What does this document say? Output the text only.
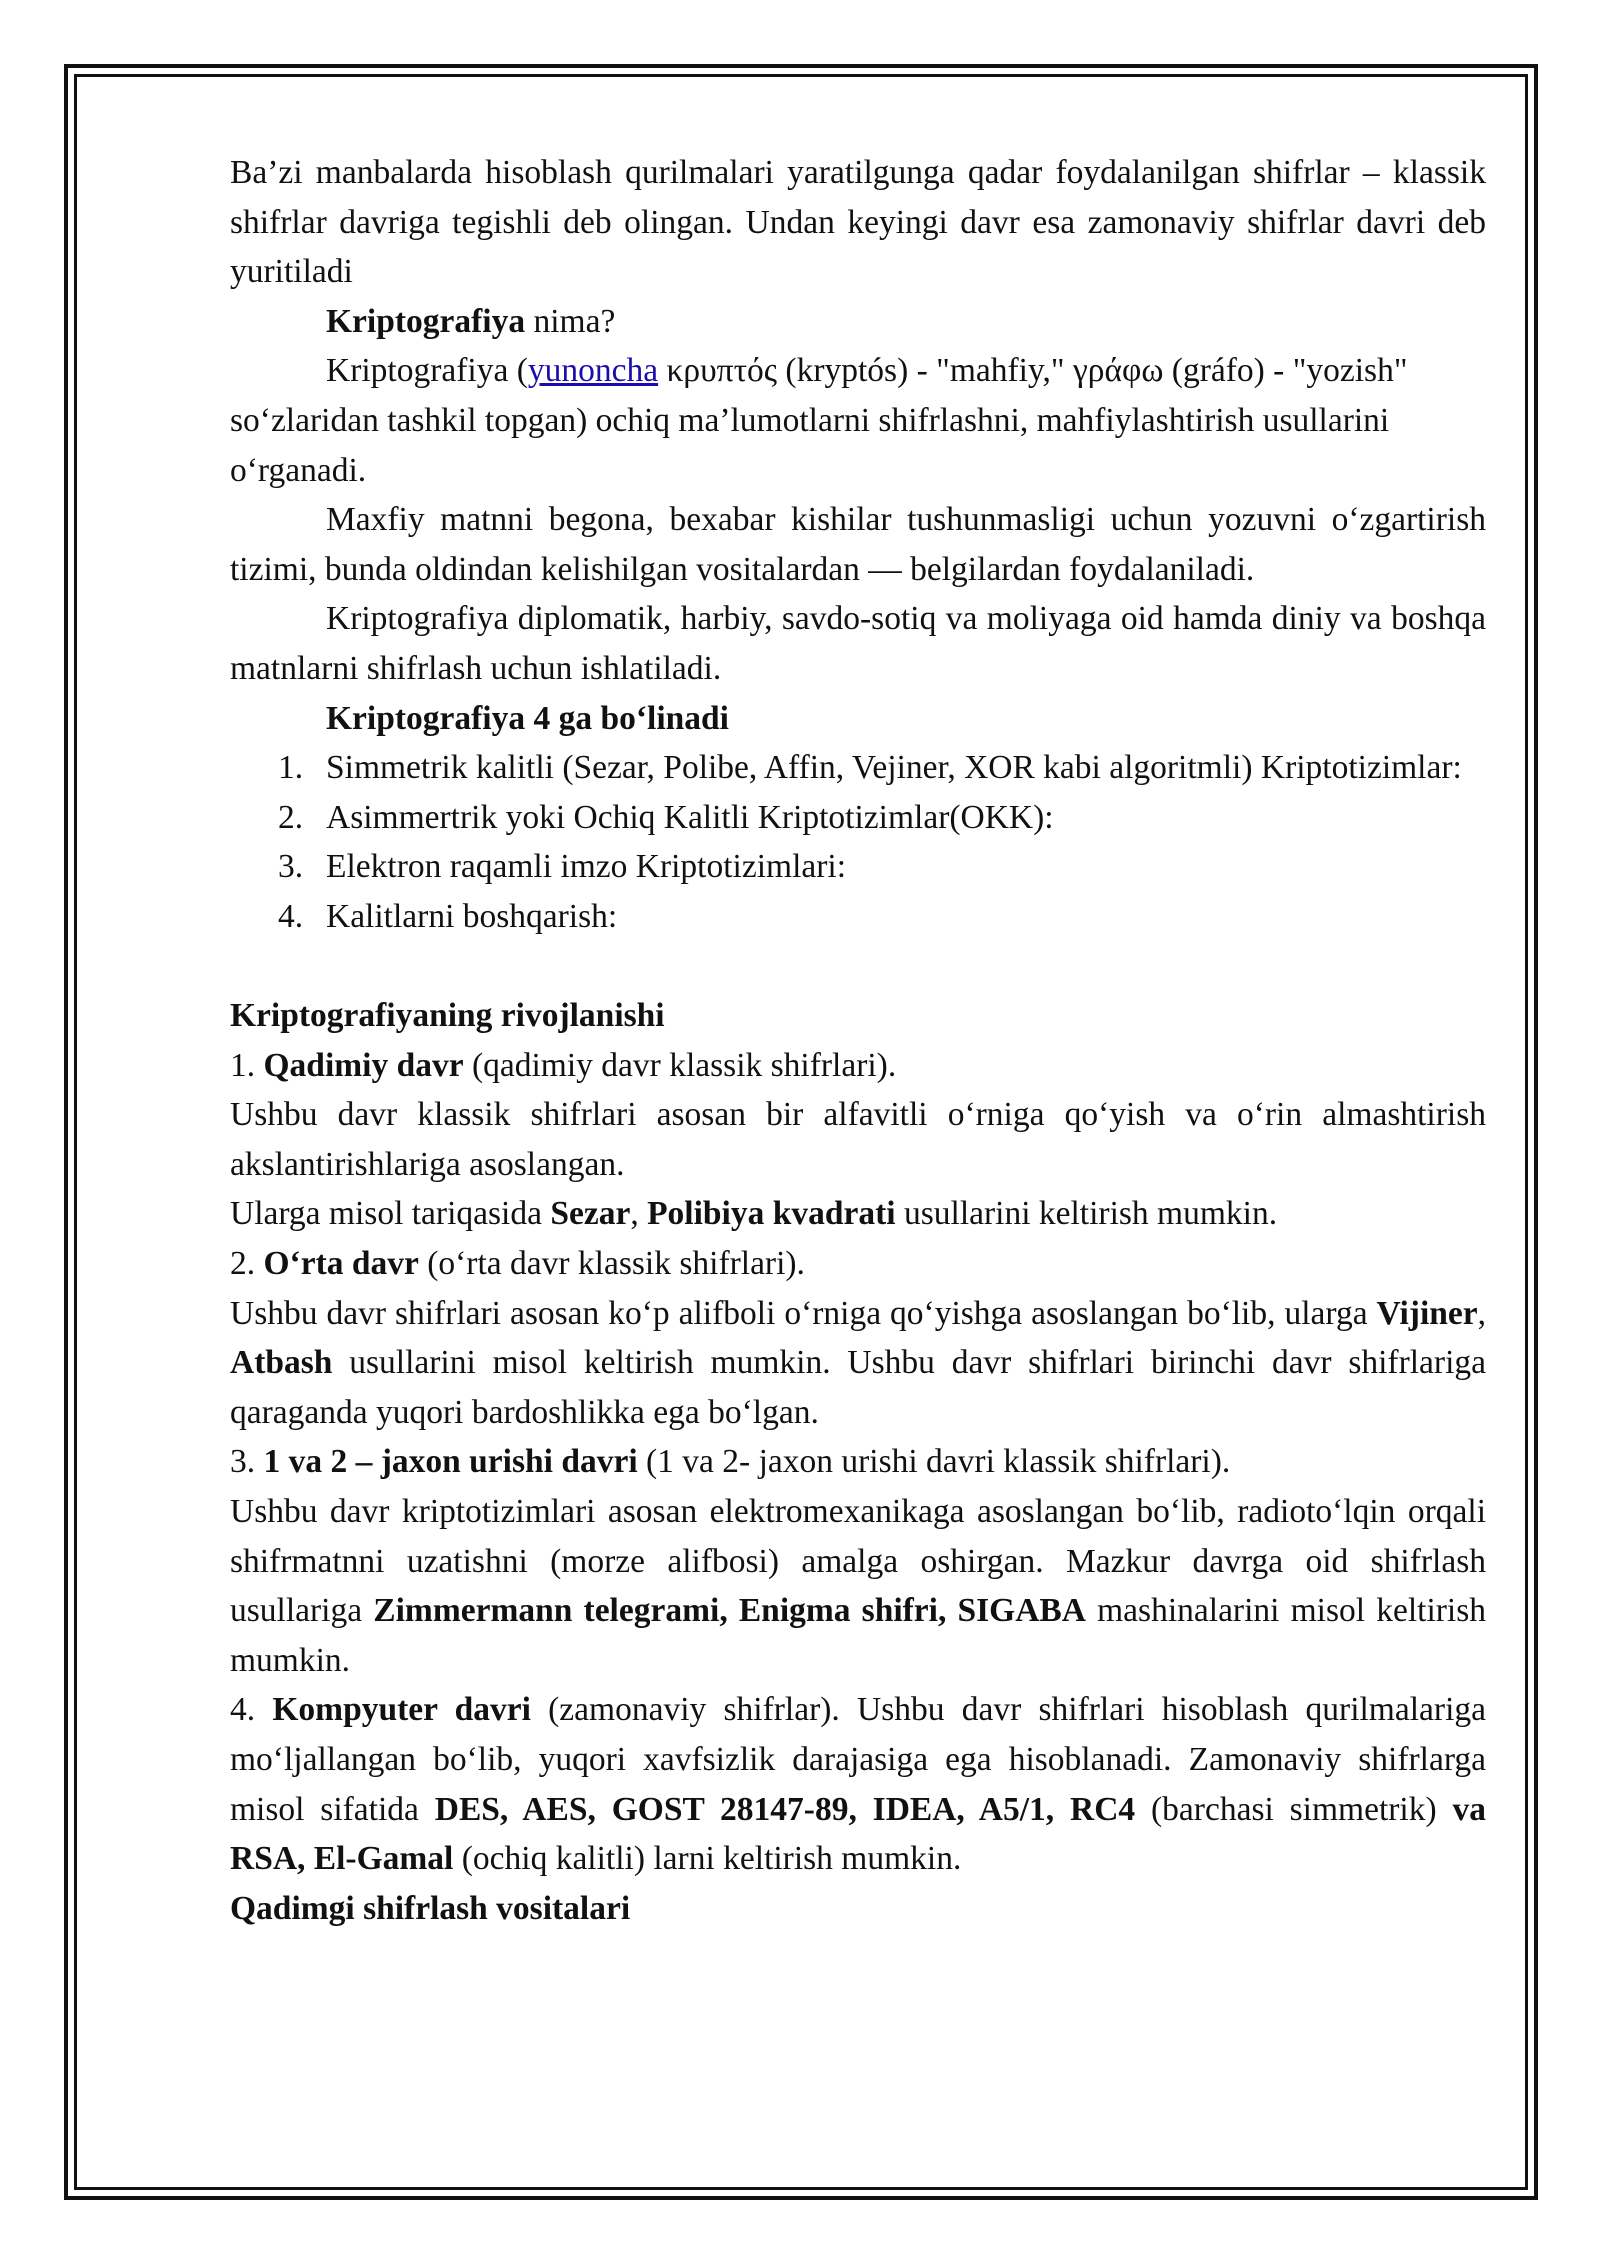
Ba’zi manbalarda hisoblash qurilmalari yaratilgunga qadar foydalanilgan shifrlar – klassik shifrlar davriga tegishli deb olingan. Undan keyingi davr esa zamonaviy shifrlar davri deb yuritiladi

Kriptografiya nima?

Kriptografiya (yunoncha κρυπτός (kryptós) - "mahfiy," γράφω (gráfo) - "yozish" so‘zlaridan tashkil topgan) ochiq ma’lumotlarni shifrlashni, mahfiylashtirish usullarini o‘rganadi.

Maxfiy matnni begona, bexabar kishilar tushunmasligi uchun yozuvni o‘zgartirish tizimi, bunda oldindan kelishilgan vositalardan — belgilardan foydalaniladi.

Kriptografiya diplomatik, harbiy, savdo-sotiq va moliyaga oid hamda diniy va boshqa matnlarni shifrlash uchun ishlatiladi.

Kriptografiya 4 ga bo‘linadi

1. Simmetrik kalitli (Sezar, Polibe, Affin, Vejiner, XOR kabi algoritmli) Kriptotizimlar:
2. Asimmertrik yoki Ochiq Kalitli Kriptotizimlar(OKK):
3. Elektron raqamli imzo Kriptotizimlari:
4. Kalitlarni boshqarish:

Kriptografiyaning rivojlanishi

1. Qadimiy davr (qadimiy davr klassik shifrlari).

Ushbu davr klassik shifrlari asosan bir alfavitli o‘rniga qo‘yish va o‘rin almashtirish akslantirishlariga asoslangan.

Ularga misol tariqasida Sezar, Polibiya kvadrati usullarini keltirish mumkin.

2. O‘rta davr (o‘rta davr klassik shifrlari).

Ushbu davr shifrlari asosan ko‘p alifboli o‘rniga qo‘yishga asoslangan bo‘lib, ularga Vijiner, Atbash usullarini misol keltirish mumkin. Ushbu davr shifrlari birinchi davr shifrlariga qaraganda yuqori bardoshlikka ega bo‘lgan.

3. 1 va 2 – jaxon urishi davri (1 va 2- jaxon urishi davri klassik shifrlari).

Ushbu davr kriptotizimlari asosan elektromexanikaga asoslangan bo‘lib, radioto‘lqin orqali shifrmatnni uzatishni (morze alifbosi) amalga oshirgan. Mazkur davrga oid shifrlash usullariga Zimmermann telegrami, Enigma shifri, SIGABA mashinalarini misol keltirish mumkin.

4. Kompyuter davri (zamonaviy shifrlar). Ushbu davr shifrlari hisoblash qurilmalariga mo‘ljallangan bo‘lib, yuqori xavfsizlik darajasiga ega hisoblanadi. Zamonaviy shifrlarga misol sifatida DES, AES, GOST 28147-89, IDEA, A5/1, RC4 (barchasi simmetrik) va RSA, El-Gamal (ochiq kalitli) larni keltirish mumkin.

Qadimgi shifrlash vositalari
